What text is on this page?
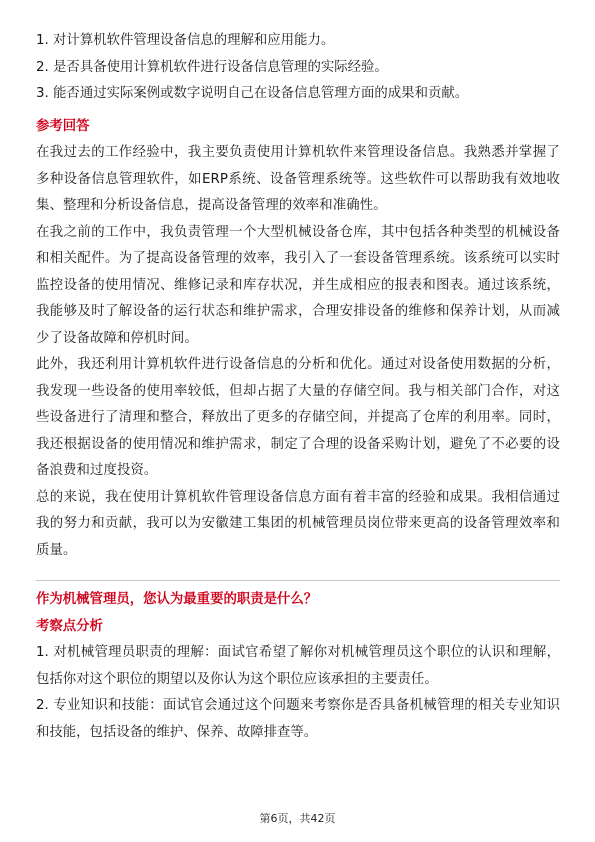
1. 对计算机软件管理设备信息的理解和应用能力。

2. 是否具备使用计算机软件进行设备信息管理的实际经验。

3. 能否通过实际案例或数字说明自己在设备信息管理方面的成果和贡献。

参考回答

在我过去的工作经验中，我主要负责使用计算机软件来管理设备信息。我熟悉并掌握了多种设备信息管理软件，如ERP系统、设备管理系统等。这些软件可以帮助我有效地收集、整理和分析设备信息，提高设备管理的效率和准确性。

在我之前的工作中，我负责管理一个大型机械设备仓库，其中包括各种类型的机械设备和相关配件。为了提高设备管理的效率，我引入了一套设备管理系统。该系统可以实时监控设备的使用情况、维修记录和库存状况，并生成相应的报表和图表。通过该系统，我能够及时了解设备的运行状态和维护需求，合理安排设备的维修和保养计划，从而减少了设备故障和停机时间。

此外，我还利用计算机软件进行设备信息的分析和优化。通过对设备使用数据的分析，我发现一些设备的使用率较低，但却占据了大量的存储空间。我与相关部门合作，对这些设备进行了清理和整合，释放出了更多的存储空间，并提高了仓库的利用率。同时，我还根据设备的使用情况和维护需求，制定了合理的设备采购计划，避免了不必要的设备浪费和过度投资。

总的来说，我在使用计算机软件管理设备信息方面有着丰富的经验和成果。我相信通过我的努力和贡献，我可以为安徽建工集团的机械管理员岗位带来更高的设备管理效率和质量。

作为机械管理员，您认为最重要的职责是什么？

考察点分析

1. 对机械管理员职责的理解：面试官希望了解你对机械管理员这个职位的认识和理解，包括你对这个职位的期望以及你认为这个职位应该承担的主要责任。

2. 专业知识和技能：面试官会通过这个问题来考察你是否具备机械管理的相关专业知识和技能，包括设备的维护、保养、故障排查等。

第6页，共42页
